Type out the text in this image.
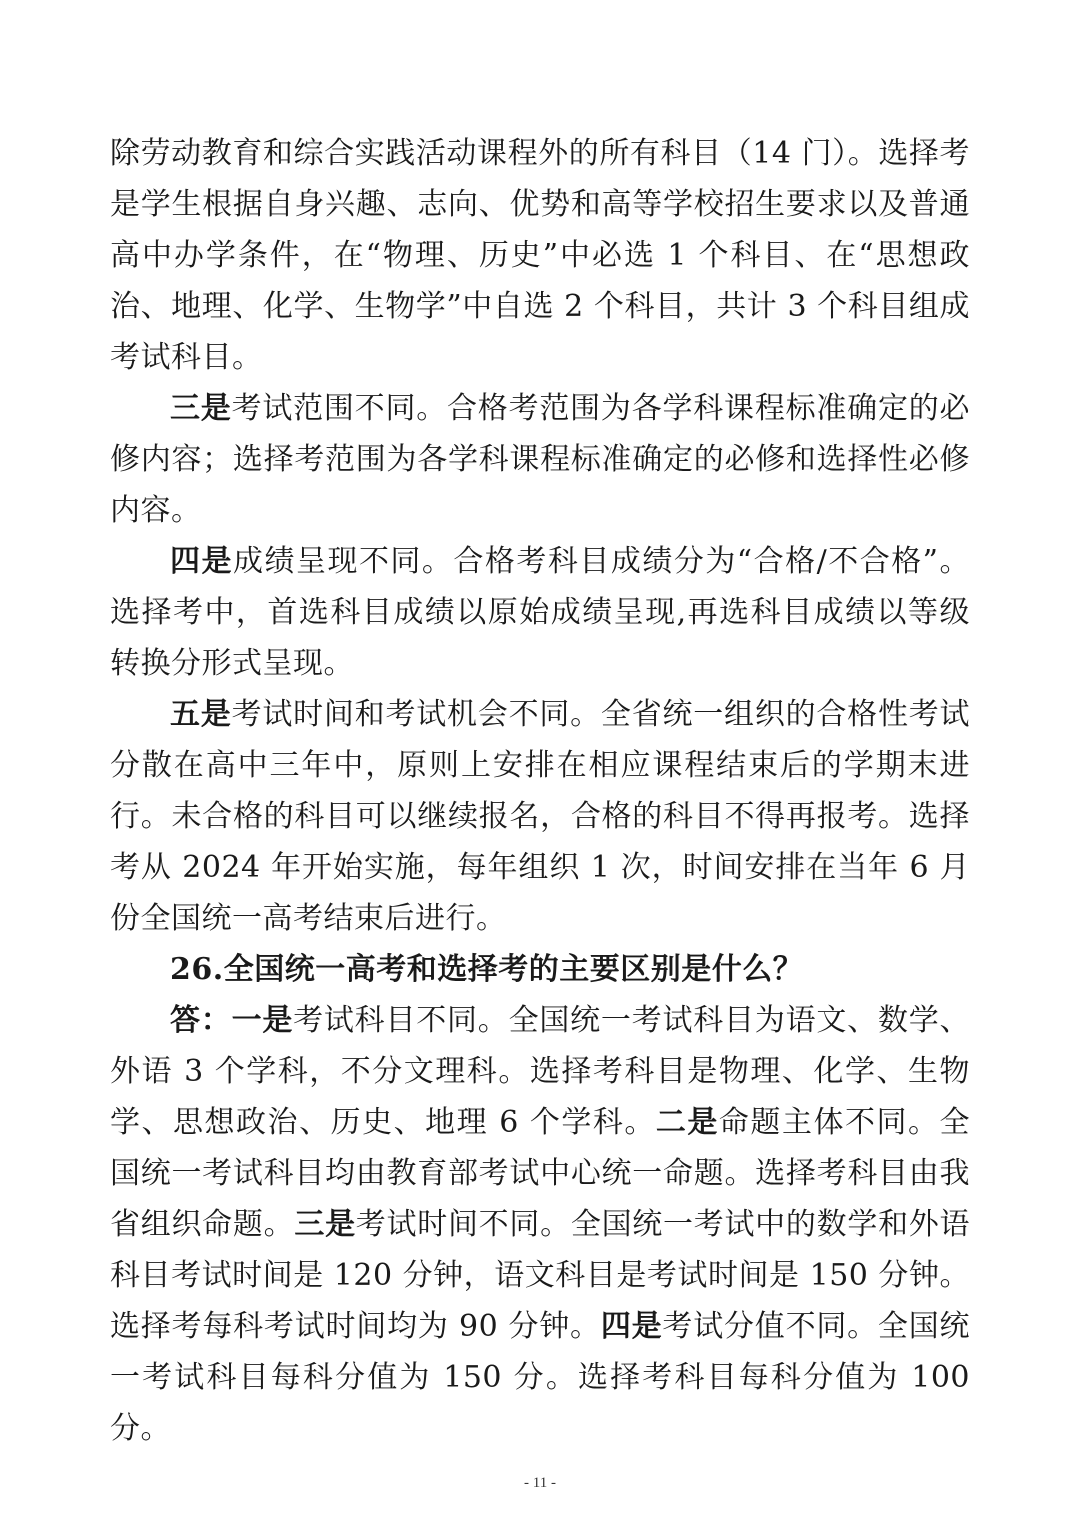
除劳动教育和综合实践活动课程外的所有科目（14 门）。选择考是学生根据自身兴趣、志向、优势和高等学校招生要求以及普通高中办学条件，在“物理、历史”中必选 1 个科目、在“思想政治、地理、化学、生物学”中自选 2 个科目，共计 3 个科目组成考试科目。

三是考试范围不同。合格考范围为各学科课程标准确定的必修内容；选择考范围为各学科课程标准确定的必修和选择性必修内容。

四是成绩呈现不同。合格考科目成绩分为“合格/不合格”。选择考中，首选科目成绩以原始成绩呈现,再选科目成绩以等级转换分形式呈现。

五是考试时间和考试机会不同。全省统一组织的合格性考试分散在高中三年中，原则上安排在相应课程结束后的学期末进行。未合格的科目可以继续报名，合格的科目不得再报考。选择考从 2024 年开始实施，每年组织 1 次，时间安排在当年 6 月份全国统一高考结束后进行。

26.全国统一高考和选择考的主要区别是什么？

答：一是考试科目不同。全国统一考试科目为语文、数学、外语 3 个学科，不分文理科。选择考科目是物理、化学、生物学、思想政治、历史、地理 6 个学科。二是命题主体不同。全国统一考试科目均由教育部考试中心统一命题。选择考科目由我省组织命题。三是考试时间不同。全国统一考试中的数学和外语科目考试时间是 120 分钟，语文科目是考试时间是 150 分钟。选择考每科考试时间均为 90 分钟。四是考试分值不同。全国统一考试科目每科分值为 150 分。选择考科目每科分值为 100 分。

- 11 -
